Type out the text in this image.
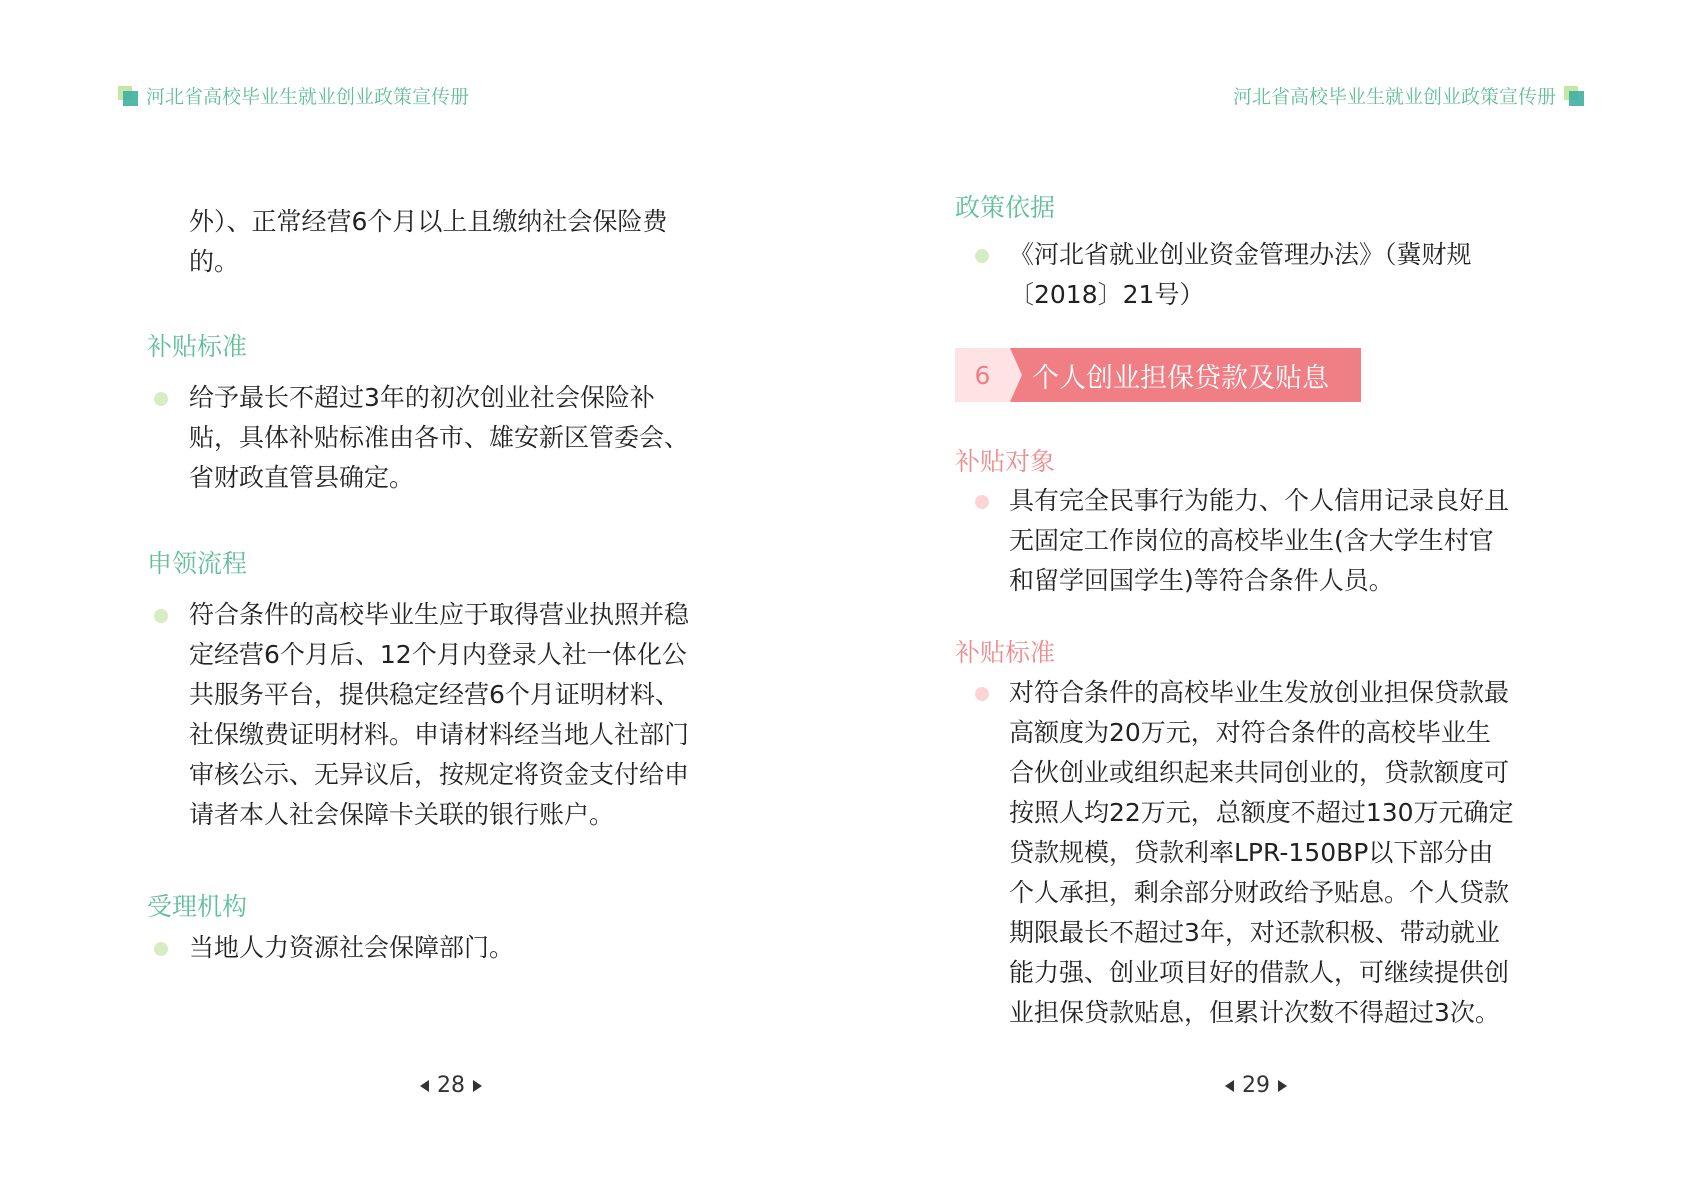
河北省高校毕业生就业创业政策宣传册	河北省高校毕业生就业创业政策宣传册
外）、正常经营6个月以上且缴纳社会保险费
的。
补贴标准
给予最长不超过3年的初次创业社会保险补
贴，具体补贴标准由各市、雄安新区管委会、
省财政直管县确定。
申领流程
符合条件的高校毕业生应于取得营业执照并稳
定经营6个月后、12个月内登录人社一体化公
共服务平台，提供稳定经营6个月证明材料、
社保缴费证明材料。申请材料经当地人社部门
审核公示、无异议后，按规定将资金支付给申
请者本人社会保障卡关联的银行账户。
受理机构
当地人力资源社会保障部门。
28
政策依据
《河北省就业创业资金管理办法》（冀财规
〔2018〕21号）
6	个人创业担保贷款及贴息
补贴对象
具有完全民事行为能力、个人信用记录良好且
无固定工作岗位的高校毕业生(含大学生村官
和留学回国学生)等符合条件人员。
补贴标准
对符合条件的高校毕业生发放创业担保贷款最
高额度为20万元，对符合条件的高校毕业生
合伙创业或组织起来共同创业的，贷款额度可
按照人均22万元，总额度不超过130万元确定
贷款规模，贷款利率LPR-150BP以下部分由
个人承担，剩余部分财政给予贴息。个人贷款
期限最长不超过3年，对还款积极、带动就业
能力强、创业项目好的借款人，可继续提供创
业担保贷款贴息，但累计次数不得超过3次。
29
